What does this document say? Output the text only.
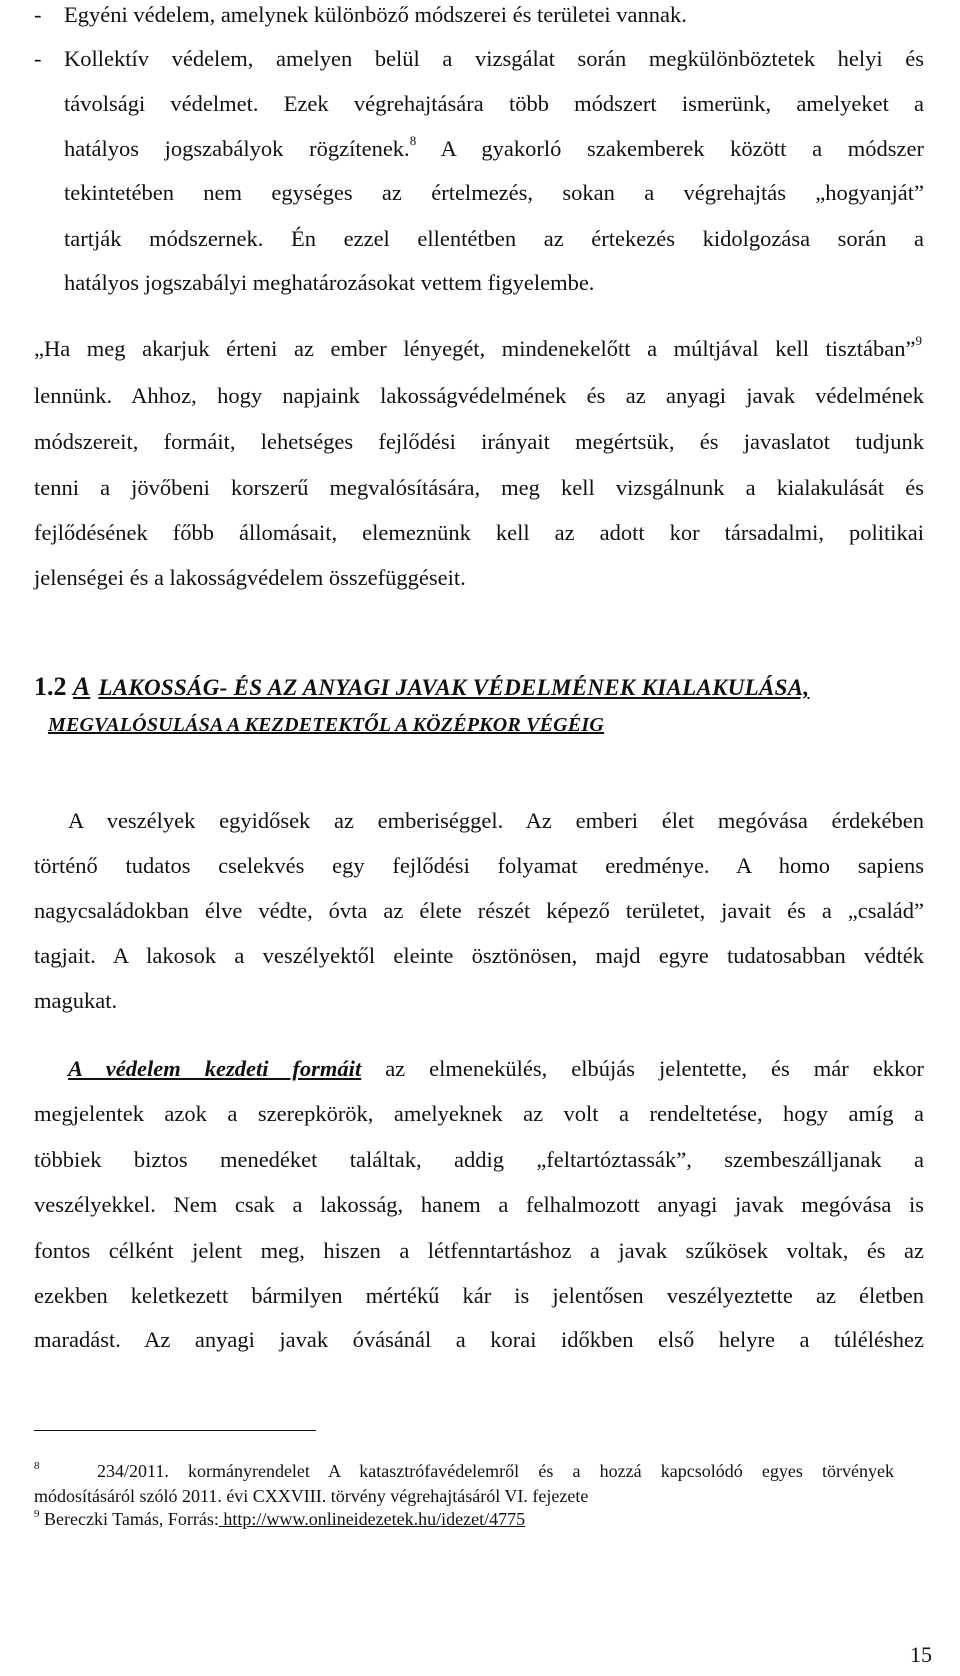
- Egyéni védelem, amelynek különböző módszerei és területei vannak.
- Kollektív védelem, amelyen belül a vizsgálat során megkülönböztetek helyi és
távolsági védelmet. Ezek végrehajtására több módszert ismerünk, amelyeket a
hatályos jogszabályok rögzítenek.$^8$ A gyakorló szakemberek között a módszer
tekintetében nem egységes az értelmezés, sokan a végrehajtás „hogyanját”
tartják módszernek. Én ezzel ellentétben az értekezés kidolgozása során a
hatályos jogszabályi meghatározásokat vettem figyelembe.
„Ha meg akarjuk érteni az ember lényegét, mindenekelőtt a múltjával kell tisztában”$^9$
lennünk. Ahhoz, hogy napjaink lakosságvédelmének és az anyagi javak védelmének
módszereit, formáit, lehetséges fejlődési irányait megértsük, és javaslatot tudjunk
tenni a jövőbeni korszerű megvalósítására, meg kell vizsgálnunk a kialakulását és
fejlődésének főbb állomásait, elemeznünk kell az adott kor társadalmi, politikai
jelenségei és a lakosságvédelem összefüggéseit.
1.2 A LAKOSSÁG- ÉS AZ ANYAGI JAVAK VÉDELMÉNEK KIALAKULÁSA,
MEGVALÓSULÁSA A KEZDETEKTŐL A KÖZÉPKOR VÉGÉIG
A veszélyek egyidősek az emberiséggel. Az emberi élet megóvása érdekében
történő tudatos cselekvés egy fejlődési folyamat eredménye. A homo sapiens
nagycsaládokban élve védte, óvta az élete részét képező területet, javait és a „család”
tagjait. A lakosok a veszélyektől eleinte ösztönösen, majd egyre tudatosabban védték
magukat.
A védelem kezdeti formáit az elmenekülés, elbújás jelentette, és már ekkor
megjelentek azok a szerepkörök, amelyeknek az volt a rendeltetése, hogy amíg a
többiek biztos menedéket találtak, addig „feltartóztassák”, szembeszálljanak a
veszélyekkel. Nem csak a lakosság, hanem a felhalmozott anyagi javak megóvása is
fontos célként jelent meg, hiszen a létfenntartáshoz a javak szűkösek voltak, és az
ezekben keletkezett bármilyen mértékű kár is jelentősen veszélyeztette az életben
maradást. Az anyagi javak óvásánál a korai időkben első helyre a túléléshez
$^8$	234/2011. kormányrendelet A katasztrófavédelemről és a hozzá kapcsolódó egyes törvények
módosításáról szóló 2011. évi CXXVIII. törvény végrehajtásáról VI. fejezete
$^9$ Bereczki Tamás, Forrás: http://www.onlineidezetek.hu/idezet/4775
15
